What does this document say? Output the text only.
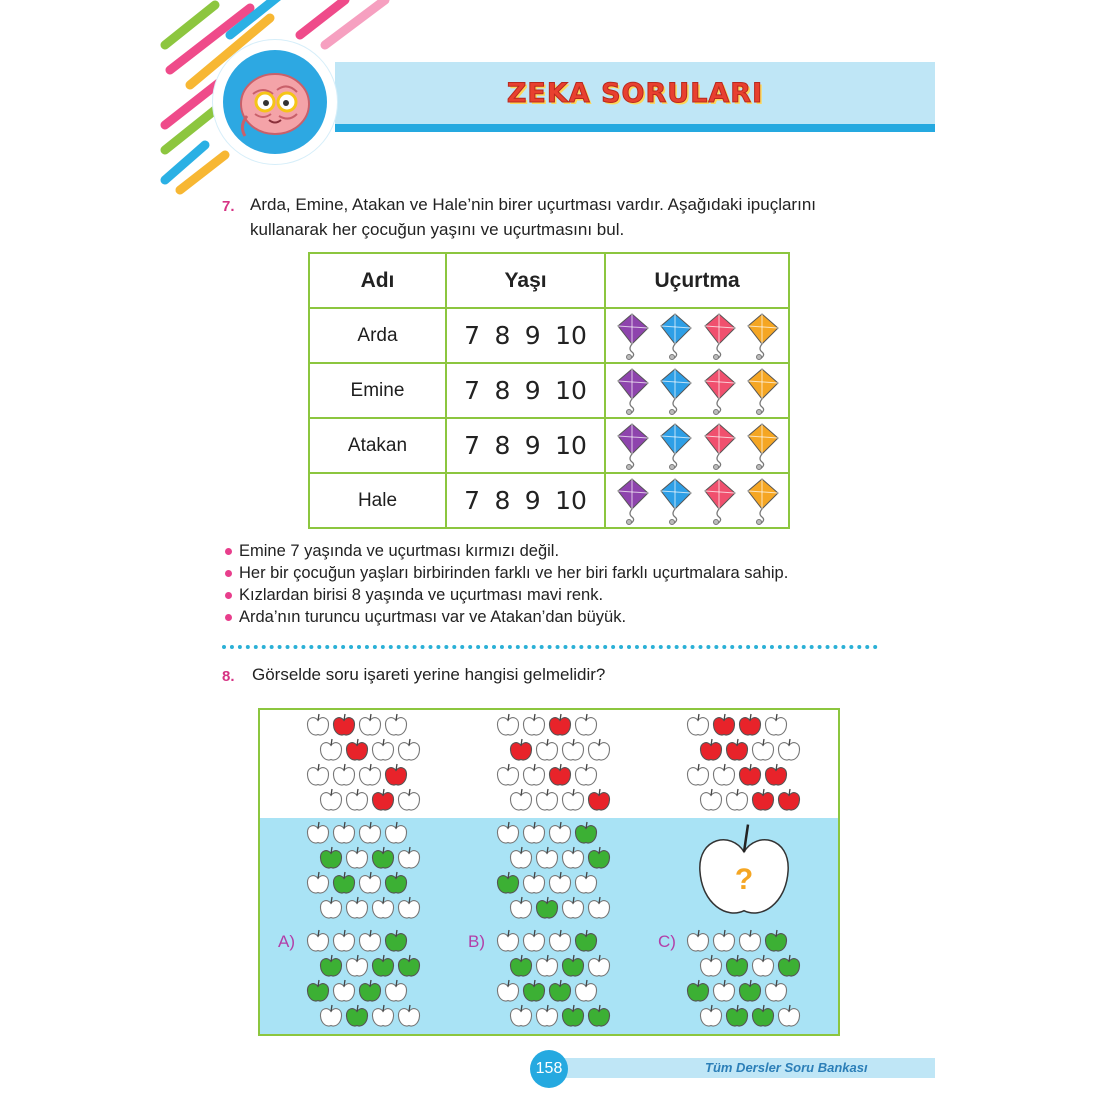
ZEKA SORULARI
7. Arda, Emine, Atakan ve Hale’nin birer uçurtması vardır. Aşağıdaki ipuçlarını
kullanarak her çocuğun yaşını ve uçurtmasını bul.
Adı	Yaşı	Uçurtma
Arda	7 8 9 10

Emine	7 8 9 10

Atakan	7 8 9 10

Hale	7 8 9 10

Emine 7 yaşında ve uçurtması kırmızı değil.
Her bir çocuğun yaşları birbirinden farklı ve her biri farklı uçurtmalara sahip.
Kızlardan birisi 8 yaşında ve uçurtması mavi renk.
Arda’nın turuncu uçurtması var ve Atakan’dan büyük.
8. Görselde soru işareti yerine hangisi gelmelidir?
?
A)	B)	C)
158	Tüm Dersler Soru Bankası
